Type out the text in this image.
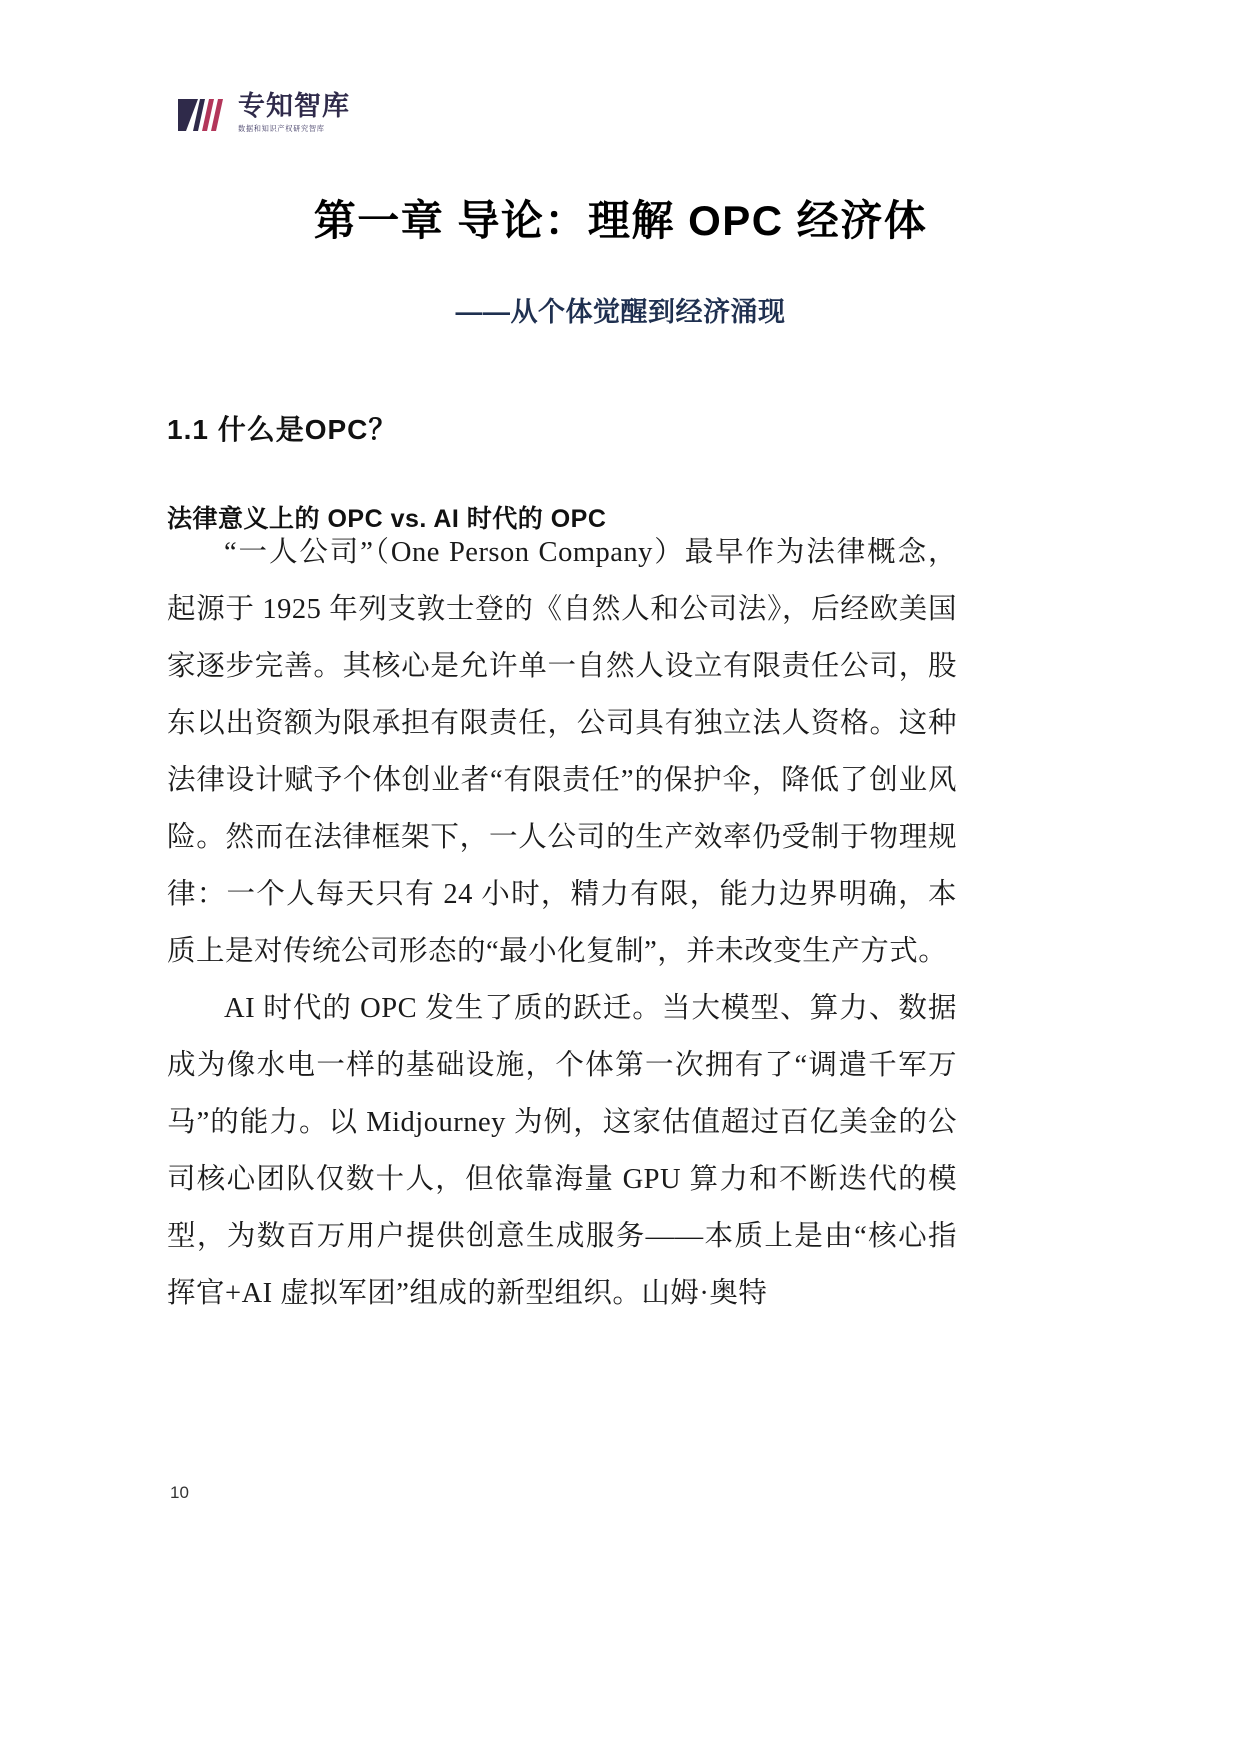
专知智库
数据和知识产权研究智库
第一章 导论：理解 OPC 经济体
——从个体觉醒到经济涌现
1.1 什么是OPC？
法律意义上的 OPC vs. AI 时代的 OPC

“一人公司”（One Person Company）最早作为法律概念，起源于 1925 年列支敦士登的《自然人和公司法》，后经欧美国家逐步完善。其核心是允许单一自然人设立有限责任公司，股东以出资额为限承担有限责任，公司具有独立法人资格。这种法律设计赋予个体创业者“有限责任”的保护伞，降低了创业风险。然而在法律框架下，一人公司的生产效率仍受制于物理规律：一个人每天只有 24 小时，精力有限，能力边界明确，本质上是对传统公司形态的“最小化复制”，并未改变生产方式。

AI 时代的 OPC 发生了质的跃迁。当大模型、算力、数据成为像水电一样的基础设施，个体第一次拥有了“调遣千军万马”的能力。以 Midjourney 为例，这家估值超过百亿美金的公司核心团队仅数十人，但依靠海量 GPU 算力和不断迭代的模型，为数百万用户提供创意生成服务——本质上是由“核心指挥官+AI 虚拟军团”组成的新型组织。山姆·奥特

10
